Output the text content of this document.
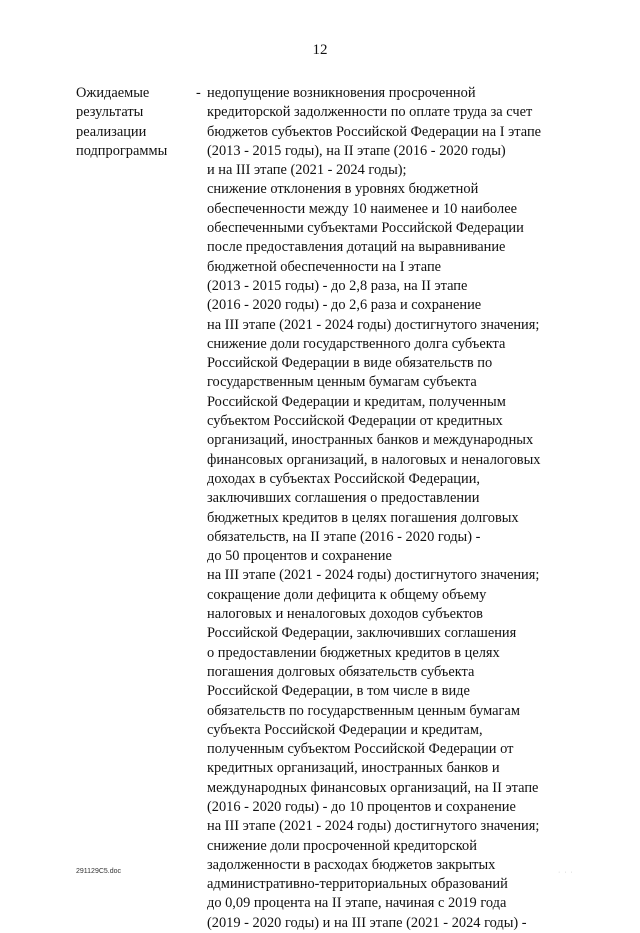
12
Ожидаемые
результаты
реализации
подпрограммы
- недопущение возникновения просроченной
кредиторской задолженности по оплате труда за счет
бюджетов субъектов Российской Федерации на I этапе
(2013 - 2015 годы), на II этапе (2016 - 2020 годы)
и на III этапе (2021 - 2024 годы);
снижение отклонения в уровнях бюджетной
обеспеченности между 10 наименее и 10 наиболее
обеспеченными субъектами Российской Федерации
после предоставления дотаций на выравнивание
бюджетной обеспеченности на I этапе
(2013 - 2015 годы) - до 2,8 раза, на II этапе
(2016 - 2020 годы) - до 2,6 раза и сохранение
на III этапе (2021 - 2024 годы) достигнутого значения;
снижение доли государственного долга субъекта
Российской Федерации в виде обязательств по
государственным ценным бумагам субъекта
Российской Федерации и кредитам, полученным
субъектом Российской Федерации от кредитных
организаций, иностранных банков и международных
финансовых организаций, в налоговых и неналоговых
доходах в субъектах Российской Федерации,
заключивших соглашения о предоставлении
бюджетных кредитов в целях погашения долговых
обязательств, на II этапе (2016 - 2020 годы) -
до 50 процентов и сохранение
на III этапе (2021 - 2024 годы) достигнутого значения;
сокращение доли дефицита к общему объему
налоговых и неналоговых доходов субъектов
Российской Федерации, заключивших соглашения
о предоставлении бюджетных кредитов в целях
погашения долговых обязательств субъекта
Российской Федерации, в том числе в виде
обязательств по государственным ценным бумагам
субъекта Российской Федерации и кредитам,
полученным субъектом Российской Федерации от
кредитных организаций, иностранных банков и
международных финансовых организаций, на II этапе
(2016 - 2020 годы) - до 10 процентов и сохранение
на III этапе (2021 - 2024 годы) достигнутого значения;
снижение доли просроченной кредиторской
задолженности в расходах бюджетов закрытых
административно-территориальных образований
до 0,09 процента на II этапе, начиная с 2019 года
(2019 - 2020 годы) и на III этапе (2021 - 2024 годы) -
291129C5.doc	· · ·
